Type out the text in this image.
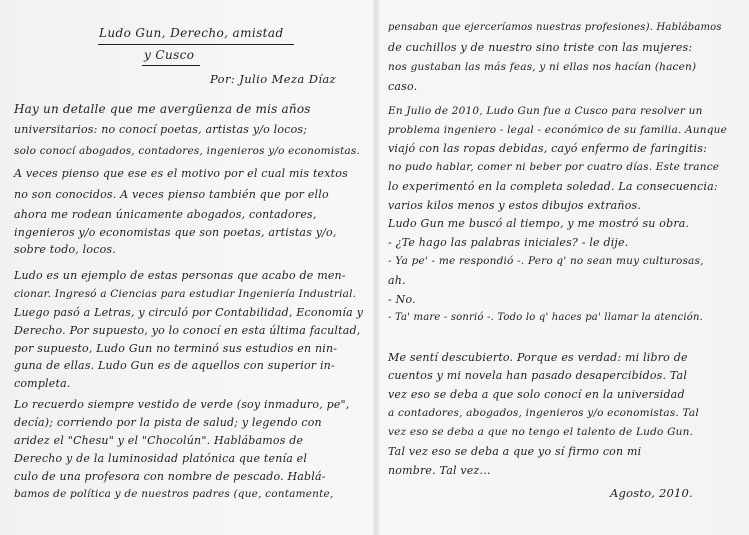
Ludo Gun, Derecho, amistad
y Cusco
Por: Julio Meza Díaz
Hay un detalle que me avergüenza de mis años
universitarios: no conocí poetas, artistas y/o locos;
solo conocí abogados, contadores, ingenieros y/o economistas.
A veces pienso que ese es el motivo por el cual mis textos
no son conocidos. A veces pienso también que por ello
ahora me rodean únicamente abogados, contadores,
ingenieros y/o economistas que son poetas, artistas y/o,
sobre todo, locos.
Ludo es un ejemplo de estas personas que acabo de men-
cionar. Ingresó a Ciencias para estudiar Ingeniería Industrial.
Luego pasó a Letras, y circuló por Contabilidad, Economía y
Derecho. Por supuesto, yo lo conocí en esta última facultad,
por supuesto, Ludo Gun no terminó sus estudios en nin-
guna de ellas. Ludo Gun es de aquellos con superior in-
completa.
Lo recuerdo siempre vestido de verde (soy inmaduro, pe",
decía); corriendo por la pista de salud; y legendo con
aridez el "Chesu" y el "Chocolún". Hablábamos de
Derecho y de la luminosidad platónica que tenía el
culo de una profesora con nombre de pescado. Hablá-
bamos de política y de nuestros padres (que, contamente,
pensaban que ejerceríamos nuestras profesiones). Hablábamos
de cuchillos y de nuestro sino triste con las mujeres:
nos gustaban las más feas, y ni ellas nos hacían (hacen)
caso.
En Julio de 2010, Ludo Gun fue a Cusco para resolver un
problema ingeniero - legal - económico de su familia. Aunque
viajó con las ropas debidas, cayó enfermo de faringitis:
no pudo hablar, comer ni beber por cuatro días. Este trance
lo experimentó en la completa soledad. La consecuencia:
varios kilos menos y estos dibujos extraños.
Ludo Gun me buscó al tiempo, y me mostró su obra.
- ¿Te hago las palabras iniciales? - le dije.
- Ya pe' - me respondió -. Pero q' no sean muy culturosas,
ah.
- No.
- Ta' mare - sonrió -. Todo lo q' haces pa' llamar la atención.
Me sentí descubierto. Porque es verdad: mi libro de
cuentos y mi novela han pasado desapercibidos. Tal
vez eso se deba a que solo conocí en la universidad
a contadores, abogados, ingenieros y/o economistas. Tal
vez eso se deba a que no tengo el talento de Ludo Gun.
Tal vez eso se deba a que yo sí firmo con mi
nombre. Tal vez...
Agosto, 2010.
